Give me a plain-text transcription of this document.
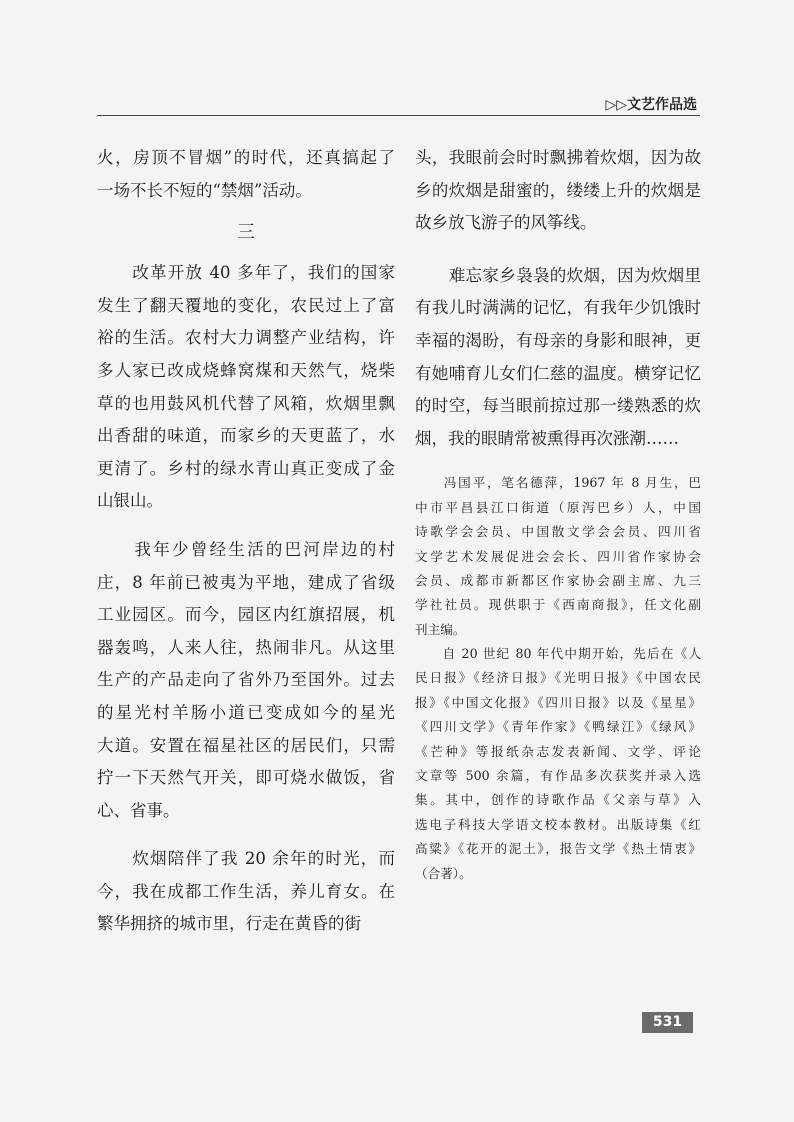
▷▷文艺作品选
火，房顶不冒烟”的时代，还真搞起了
一场不长不短的“禁烟”活动。
三
　　改革开放 40 多年了，我们的国家
发生了翻天覆地的变化，农民过上了富
裕的生活。农村大力调整产业结构，许
多人家已改成烧蜂窝煤和天然气，烧柴
草的也用鼓风机代替了风箱，炊烟里飘
出香甜的味道，而家乡的天更蓝了，水
更清了。乡村的绿水青山真正变成了金
山银山。
　　我年少曾经生活的巴河岸边的村
庄，8 年前已被夷为平地，建成了省级
工业园区。而今，园区内红旗招展，机
器轰鸣，人来人往，热闹非凡。从这里
生产的产品走向了省外乃至国外。过去
的星光村羊肠小道已变成如今的星光
大道。安置在福星社区的居民们，只需
拧一下天然气开关，即可烧水做饭，省
心、省事。
　　炊烟陪伴了我 20 余年的时光，而
今，我在成都工作生活，养儿育女。在
繁华拥挤的城市里，行走在黄昏的街
头，我眼前会时时飘拂着炊烟，因为故
乡的炊烟是甜蜜的，缕缕上升的炊烟是
故乡放飞游子的风筝线。
　　难忘家乡袅袅的炊烟，因为炊烟里
有我儿时满满的记忆，有我年少饥饿时
幸福的渴盼，有母亲的身影和眼神，更
有她哺育儿女们仁慈的温度。横穿记忆
的时空，每当眼前掠过那一缕熟悉的炊
烟，我的眼睛常被熏得再次涨潮……
　　冯国平，笔名德萍，1967 年 8 月生，巴
中市平昌县江口街道（原泻巴乡）人，中国
诗歌学会会员、中国散文学会会员、四川省
文学艺术发展促进会会长、四川省作家协会
会员、成都市新都区作家协会副主席、九三
学社社员。现供职于《西南商报》，任文化副
刊主编。
　　自 20 世纪 80 年代中期开始，先后在《人
民日报》《经济日报》《光明日报》《中国农民
报》《中国文化报》《四川日报》以及《星星》
《四川文学》《青年作家》《鸭绿江》《绿风》
《芒种》等报纸杂志发表新闻、文学、评论
文章等 500 余篇，有作品多次获奖并录入选
集。其中，创作的诗歌作品《父亲与草》入
选电子科技大学语文校本教材。出版诗集《红
高粱》《花开的泥土》，报告文学《热土情衷》
（合著）。
531
